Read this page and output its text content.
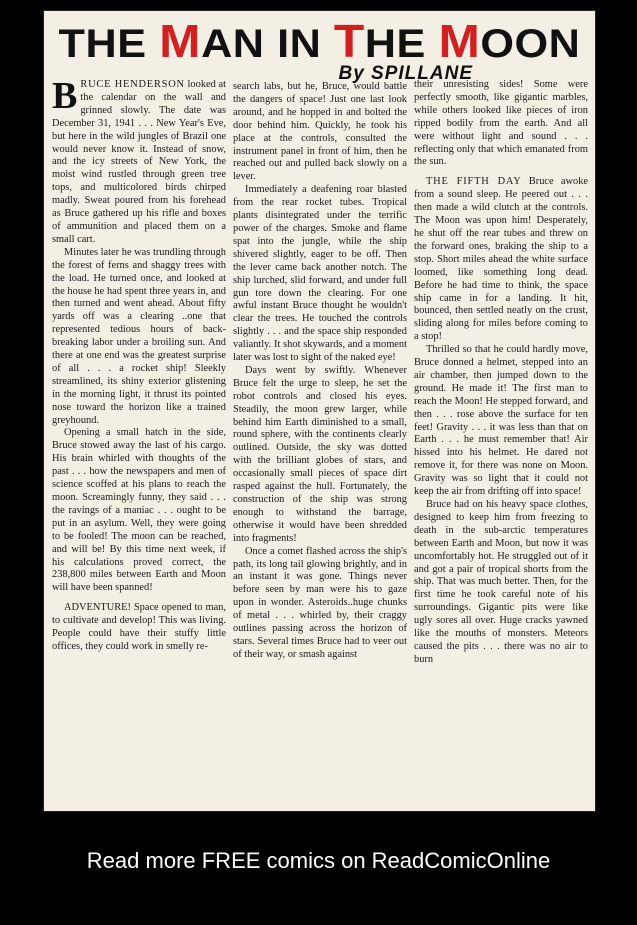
THE MAN IN THE MOON
By SPILLANE

BRUCE HENDERSON looked at the calendar on the wall and grinned slowly. The date was December 31, 1941 . . . New Year's Eve, but here in the wild jungles of Brazil one would never know it. Instead of snow, and the icy streets of New York, the moist wind rustled through green tree tops, and multicolored birds chirped madly. Sweat poured from his forehead as Bruce gathered up his rifle and boxes of ammunition and placed them on a small cart.

Minutes later he was trundling through the forest of ferns and shaggy trees with the load. He turned once, and looked at the house he had spent three years in, and then turned and went ahead. About fifty yards off was a clearing ..one that represented tedious hours of back-breaking labor under a broiling sun. And there at one end was the greatest surprise of all . . . a rocket ship! Sleekly streamlined, its shiny exterior glistening in the morning light, it thrust its pointed nose toward the horizon like a trained greyhound.

Opening a small hatch in the side, Bruce stowed away the last of his cargo. His brain whirled with thoughts of the past . . . how the newspapers and men of science scoffed at his plans to reach the moon. Screamingly funny, they said . . . the ravings of a maniac . . . ought to be put in an asylum. Well, they were going to be fooled! The moon can be reached, and will be! By this time next week, if his calculations proved correct, the 238,800 miles between Earth and Moon will have been spanned!

ADVENTURE! Space opened to man, to cultivate and develop! This was living. People could have their stuffy little offices, they could work in smelly re-

search labs, but he, Bruce, would battle the dangers of space! Just one last look around, and he hopped in and bolted the door behind him. Quickly, he took his place at the controls, consulted the instrument panel in front of him, then he reached out and pulled back slowly on a lever.

Immediately a deafening roar blasted from the rear rocket tubes. Tropical plants disintegrated under the terrific power of the charges. Smoke and flame spat into the jungle, while the ship shivered slightly, eager to be off. Then the lever came back another notch. The ship lurched, slid forward, and under full gun tore down the clearing. For one awful instant Bruce thought he wouldn't clear the trees. He touched the controls slightly . . . and the space ship responded valiantly. It shot skywards, and a moment later was lost to sight of the naked eye!

Days went by swiftly. Whenever Bruce felt the urge to sleep, he set the robot controls and closed his eyes. Steadily, the moon grew larger, while behind him Earth diminished to a small, round sphere, with the continents clearly outlined. Outside, the sky was dotted with the brilliant globes of stars, and occasionally small pieces of space dirt rasped against the hull. Fortunately, the construction of the ship was strong enough to withstand the barrage, otherwise it would have been shredded into fragments!

Once a comet flashed across the ship's path, its long tail glowing brightly, and in an instant it was gone. Things never before seen by man were his to gaze upon in wonder. Asteroids..huge chunks of metal . . . whirled by, their craggy outlines passing across the horizon of stars. Several times Bruce had to veer out of their way, or smash against

their unresisting sides! Some were perfectly smooth, like gigantic marbles, while others looked like pieces of iron ripped bodily from the earth. And all were without light and sound . . . reflecting only that which emanated from the sun.

THE FIFTH DAY Bruce awoke from a sound sleep. He peered out . . . then made a wild clutch at the controls. The Moon was upon him! Desperately, he shut off the rear tubes and threw on the forward ones, braking the ship to a stop. Short miles ahead the white surface loomed, like something long dead. Before he had time to think, the space ship came in for a landing. It hit, bounced, then settled neatly on the crust, sliding along for miles before coming to a stop!

Thrilled so that he could hardly move, Bruce donned a helmet, stepped into an air chamber, then jumped down to the ground. He made it! The first man to reach the Moon! He stepped forward, and then . . . rose above the surface for ten feet! Gravity . . . it was less than that on Earth . . . he must remember that! Air hissed into his helmet. He dared not remove it, for there was none on Moon. Gravity was so light that it could not keep the air from drifting off into space!

Bruce had on his heavy space clothes, designed to keep him from freezing to death in the sub-arctic temperatures between Earth and Moon, but now it was uncomfortably hot. He struggled out of it and got a pair of tropical shorts from the ship. That was much better. Then, for the first time he took careful note of his surroundings. Gigantic pits were like ugly sores all over. Huge cracks yawned like the mouths of monsters. Meteors caused the pits . . . there was no air to burn

Read more FREE comics on ReadComicOnline
